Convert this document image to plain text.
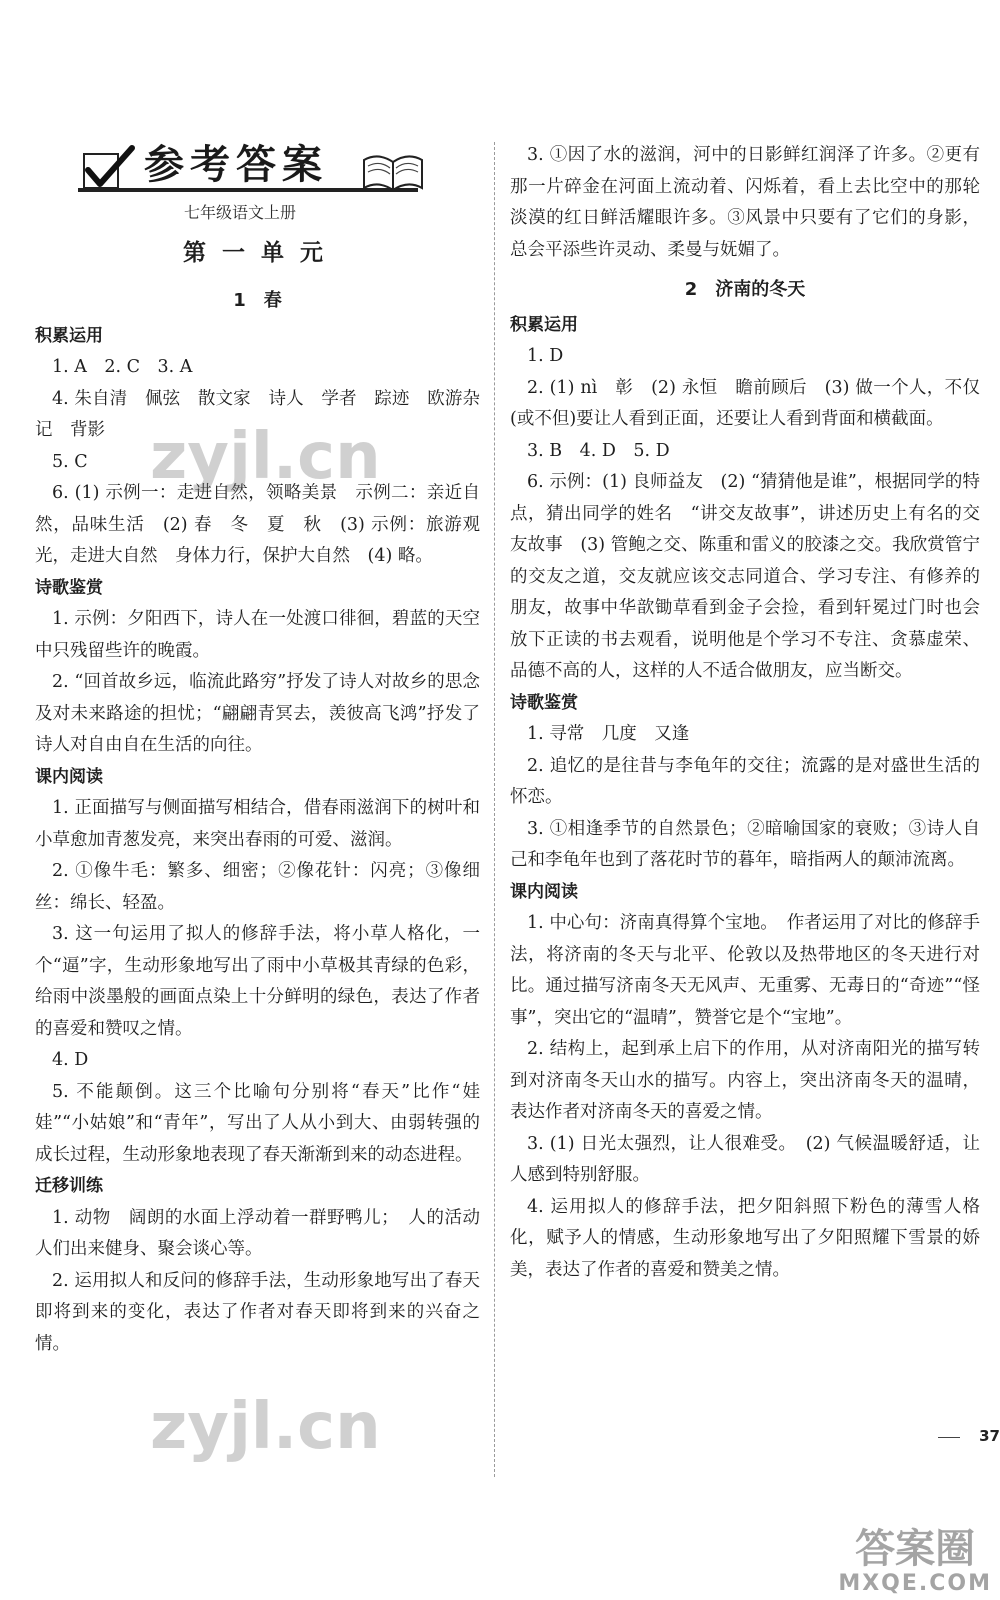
参考答案
七年级语文上册
第 一 单 元
1　春
积累运用

1. A　2. C　3. A

4. 朱自清　佩弦　散文家　诗人　学者　踪迹　欧游杂记　背影

5. C

6. (1) 示例一：走进自然，领略美景　示例二：亲近自然，品味生活　(2) 春　冬　夏　秋　(3) 示例：旅游观光，走进大自然　身体力行，保护大自然　(4) 略。

诗歌鉴赏

1. 示例：夕阳西下，诗人在一处渡口徘徊，碧蓝的天空中只残留些许的晚霞。

2. “回首故乡远，临流此路穷”抒发了诗人对故乡的思念及对未来路途的担忧；“翩翩青冥去，羡彼高飞鸿”抒发了诗人对自由自在生活的向往。

课内阅读

1. 正面描写与侧面描写相结合，借春雨滋润下的树叶和小草愈加青葱发亮，来突出春雨的可爱、滋润。

2. ①像牛毛：繁多、细密；②像花针：闪亮；③像细丝：绵长、轻盈。

3. 这一句运用了拟人的修辞手法，将小草人格化，一个“逼”字，生动形象地写出了雨中小草极其青绿的色彩，给雨中淡墨般的画面点染上十分鲜明的绿色，表达了作者的喜爱和赞叹之情。

4. D

5. 不能颠倒。这三个比喻句分别将“春天”比作“娃娃”“小姑娘”和“青年”，写出了人从小到大、由弱转强的成长过程，生动形象地表现了春天渐渐到来的动态进程。

迁移训练

1. 动物　阔朗的水面上浮动着一群野鸭儿；　人的活动　人们出来健身、聚会谈心等。

2. 运用拟人和反问的修辞手法，生动形象地写出了春天即将到来的变化，表达了作者对春天即将到来的兴奋之情。

3. ①因了水的滋润，河中的日影鲜红润泽了许多。②更有那一片碎金在河面上流动着、闪烁着，看上去比空中的那轮淡漠的红日鲜活耀眼许多。③风景中只要有了它们的身影，总会平添些许灵动、柔曼与妩媚了。

2　济南的冬天
积累运用

1. D

2. (1) nì　彰　(2) 永恒　瞻前顾后　(3) 做一个人，不仅(或不但)要让人看到正面，还要让人看到背面和横截面。

3. B　4. D　5. D

6. 示例：(1) 良师益友　(2) “猜猜他是谁”，根据同学的特点，猜出同学的姓名　“讲交友故事”，讲述历史上有名的交友故事　(3) 管鲍之交、陈重和雷义的胶漆之交。我欣赏管宁的交友之道，交友就应该交志同道合、学习专注、有修养的朋友，故事中华歆锄草看到金子会捡，看到轩冕过门时也会放下正读的书去观看，说明他是个学习不专注、贪慕虚荣、品德不高的人，这样的人不适合做朋友，应当断交。

诗歌鉴赏

1. 寻常　几度　又逢

2. 追忆的是往昔与李龟年的交往；流露的是对盛世生活的怀恋。

3. ①相逢季节的自然景色；②暗喻国家的衰败；③诗人自己和李龟年也到了落花时节的暮年，暗指两人的颠沛流离。

课内阅读

1. 中心句：济南真得算个宝地。　作者运用了对比的修辞手法，将济南的冬天与北平、伦敦以及热带地区的冬天进行对比。通过描写济南冬天无风声、无重雾、无毒日的“奇迹”“怪事”，突出它的“温晴”，赞誉它是个“宝地”。

2. 结构上，起到承上启下的作用，从对济南阳光的描写转到对济南冬天山水的描写。内容上，突出济南冬天的温晴，表达作者对济南冬天的喜爱之情。

3. (1) 日光太强烈，让人很难受。　(2) 气候温暖舒适，让人感到特别舒服。

4. 运用拟人的修辞手法，把夕阳斜照下粉色的薄雪人格化，赋予人的情感，生动形象地写出了夕阳照耀下雪景的娇美，表达了作者的喜爱和赞美之情。

37
zyjl.cn
zyjl.cn
答案圈
MXQE.COM
